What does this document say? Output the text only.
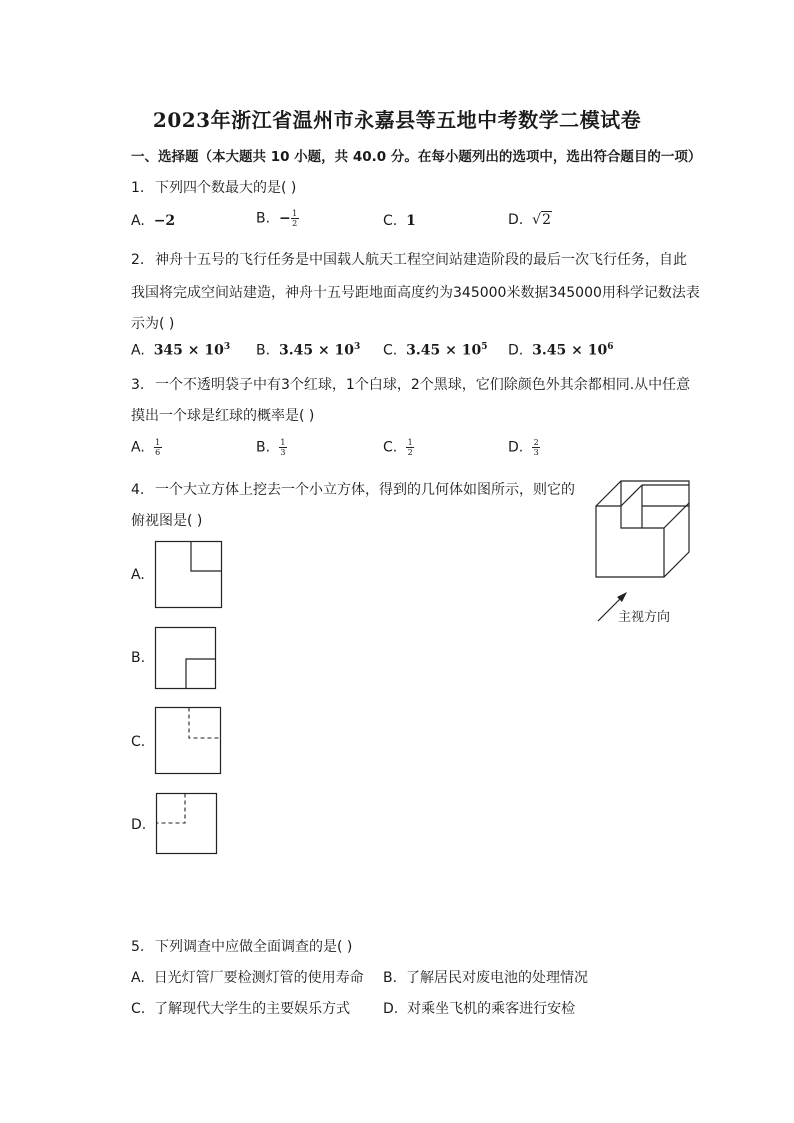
2023年浙江省温州市永嘉县等五地中考数学二模试卷
一、选择题（本大题共 10 小题，共 40.0 分。在每小题列出的选项中，选出符合题目的一项）
1. 下列四个数最大的是( )
A. −2	B. − $\frac{1}{2}$	C. 1	D. √2
2. 神舟十五号的飞行任务是中国载人航天工程空间站建造阶段的最后一次飞行任务，自此
我国将完成空间站建造，神舟十五号距地面高度约为345000米数据345000用科学记数法表
示为( )
A. $345 \times 10^3$ B. $3.45 \times 10^3$ C. $3.45 \times 10^5$ D. $3.45 \times 10^6$
3. 一个不透明袋子中有3个红球，1个白球，2个黑球，它们除颜色外其余都相同.从中任意
摸出一个球是红球的概率是( )
A. $\frac{1}{6}$	B. $\frac{1}{3}$	C. $\frac{1}{2}$	D. $\frac{2}{3}$
4. 一个大立方体上挖去一个小立方体，得到的几何体如图所示，则它的
俯视图是( )
主视方向
A.
B.
C.
D.
5. 下列调查中应做全面调查的是( )
A. 日光灯管厂要检测灯管的使用寿命 B. 了解居民对废电池的处理情况
C. 了解现代大学生的主要娱乐方式 D. 对乘坐飞机的乘客进行安检
